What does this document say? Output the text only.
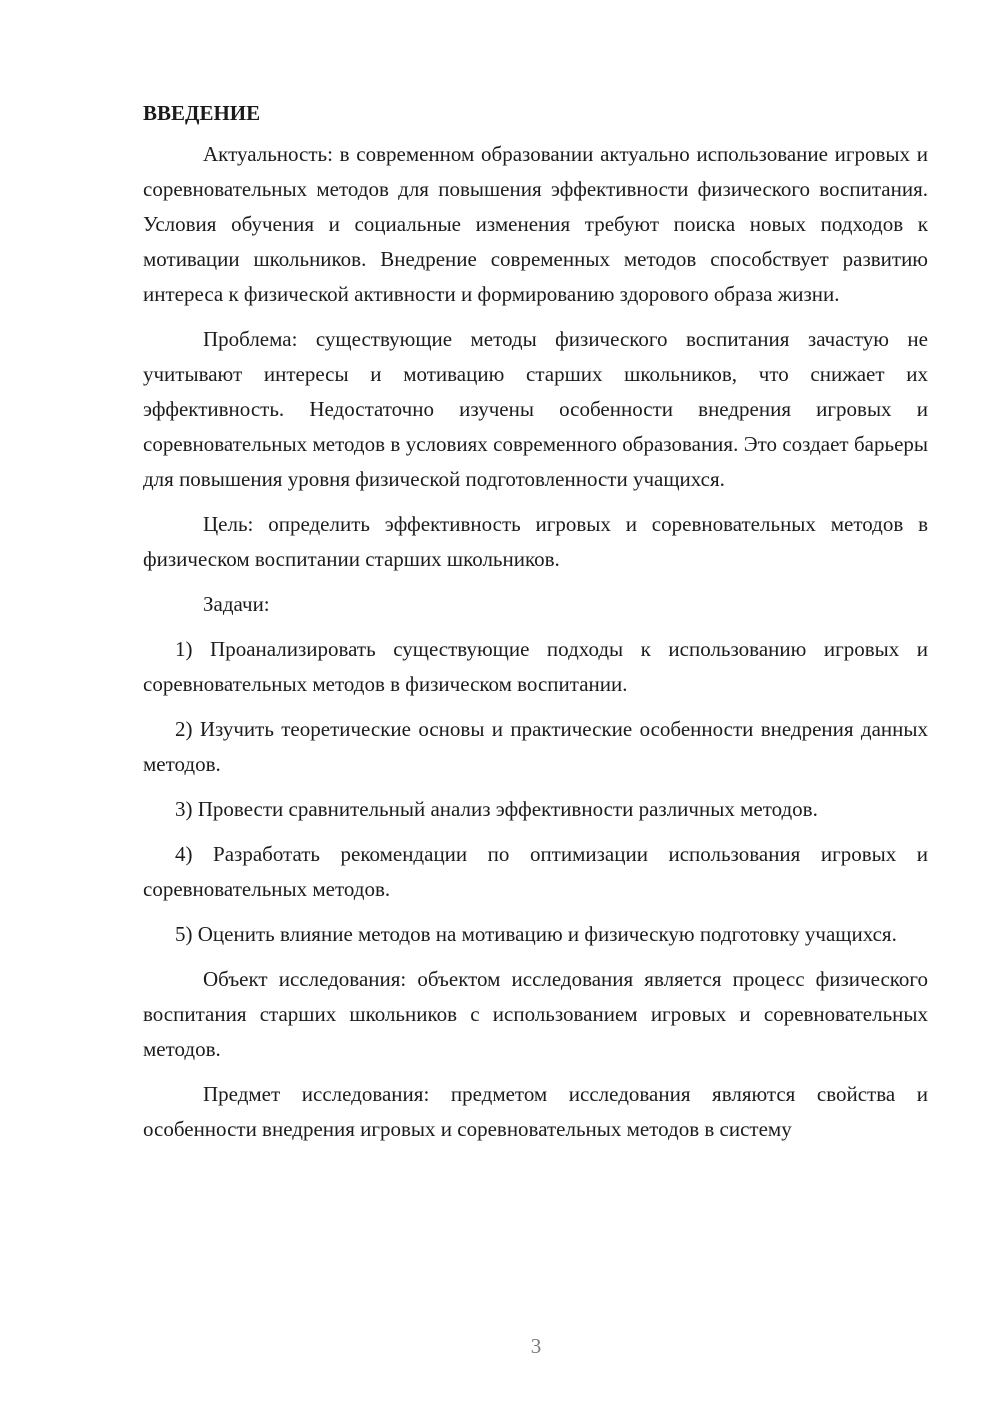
ВВЕДЕНИЕ

Актуальность: в современном образовании актуально использование игровых и соревновательных методов для повышения эффективности физического воспитания. Условия обучения и социальные изменения требуют поиска новых подходов к мотивации школьников. Внедрение современных методов способствует развитию интереса к физической активности и формированию здорового образа жизни.

Проблема: существующие методы физического воспитания зачастую не учитывают интересы и мотивацию старших школьников, что снижает их эффективность. Недостаточно изучены особенности внедрения игровых и соревновательных методов в условиях современного образования. Это создает барьеры для повышения уровня физической подготовленности учащихся.

Цель: определить эффективность игровых и соревновательных методов в физическом воспитании старших школьников.

Задачи:

1) Проанализировать существующие подходы к использованию игровых и соревновательных методов в физическом воспитании.

2) Изучить теоретические основы и практические особенности внедрения данных методов.

3) Провести сравнительный анализ эффективности различных методов.

4) Разработать рекомендации по оптимизации использования игровых и соревновательных методов.

5) Оценить влияние методов на мотивацию и физическую подготовку учащихся.

Объект исследования: объектом исследования является процесс физического воспитания старших школьников с использованием игровых и соревновательных методов.

Предмет исследования: предметом исследования являются свойства и особенности внедрения игровых и соревновательных методов в систему

3
